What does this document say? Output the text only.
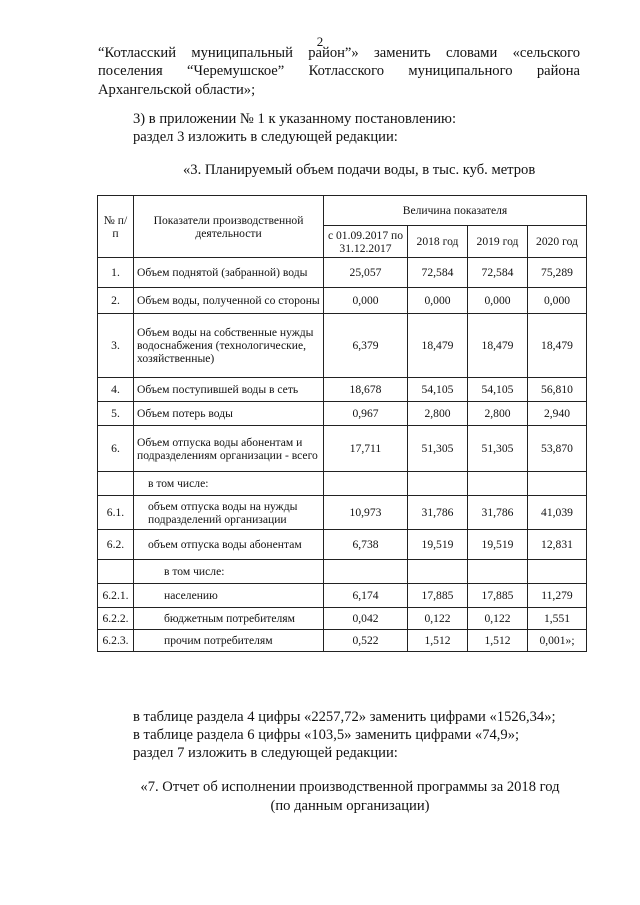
2
“Котласский муниципальный район”» заменить словами «сельского
поселения “Черемушское” Котласского муниципального района
Архангельской области»;
3) в приложении № 1 к указанному постановлению:
раздел 3 изложить в следующей редакции:
«3. Планируемый объем подачи воды, в тыс. куб. метров
№ п/п	Показатели производственной деятельности	Величина показателя			
		с 01.09.2017 по 31.12.2017	2018 год	2019 год	2020 год
1.	Объем поднятой (забранной) воды	25,057	72,584	72,584	75,289
2.	Объем воды, полученной со стороны	0,000	0,000	0,000	0,000
3.	Объем воды на собственные нужды водоснабжения (технологические, хозяйственные)	6,379	18,479	18,479	18,479
4.	Объем поступившей воды в сеть	18,678	54,105	54,105	56,810
5.	Объем потерь воды	0,967	2,800	2,800	2,940
6.	Объем отпуска воды абонентам и подразделениям организации - всего	17,711	51,305	51,305	53,870
	в том числе:				
6.1.	объем отпуска воды на нужды подразделений организации	10,973	31,786	31,786	41,039
6.2.	объем отпуска воды абонентам	6,738	19,519	19,519	12,831
	в том числе:				
6.2.1.	населению	6,174	17,885	17,885	11,279
6.2.2.	бюджетным потребителям	0,042	0,122	0,122	1,551
6.2.3.	прочим потребителям	0,522	1,512	1,512	0,001»;
в таблице раздела 4 цифры «2257,72» заменить цифрами «1526,34»;
в таблице раздела 6 цифры «103,5» заменить цифрами «74,9»;
раздел 7 изложить в следующей редакции:
«7. Отчет об исполнении производственной программы за 2018 год
(по данным организации)
